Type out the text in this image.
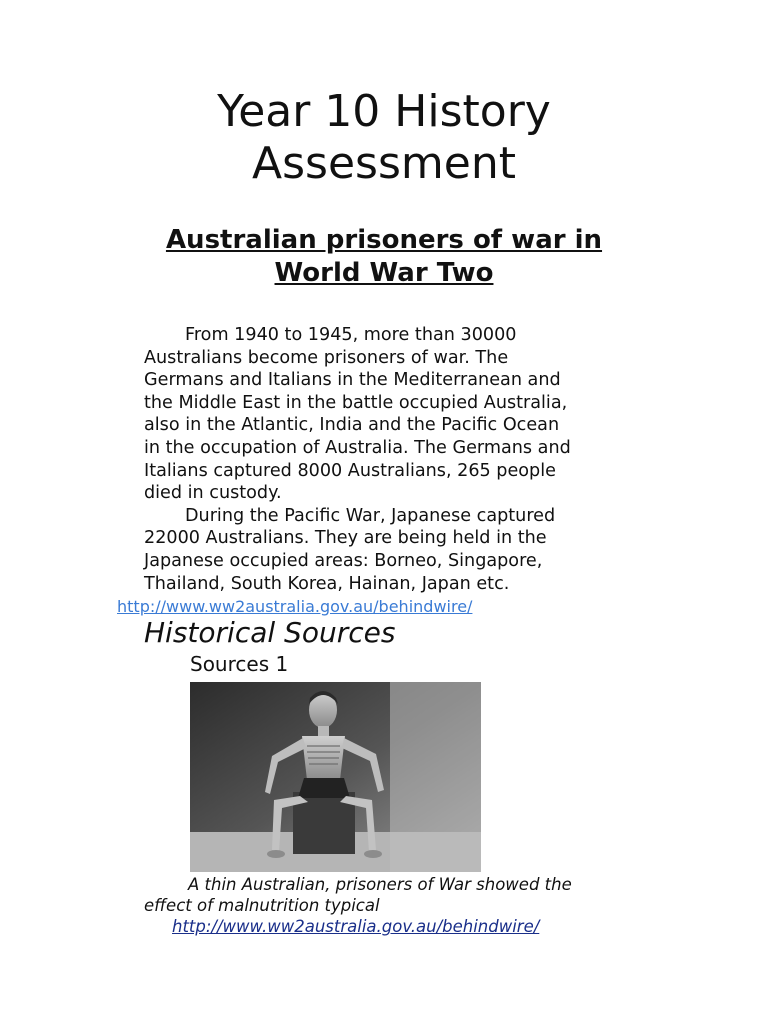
Year 10 History
Assessment
Australian prisoners of war in
World War Two

From 1940 to 1945, more than 30000
Australians become prisoners of war. The
Germans and Italians in the Mediterranean and
the Middle East in the battle occupied Australia,
also in the Atlantic, India and the Pacific Ocean
in the occupation of Australia. The Germans and
Italians captured 8000 Australians, 265 people
died in custody.

During the Pacific War, Japanese captured
22000 Australians. They are being held in the
Japanese occupied areas: Borneo, Singapore,
Thailand, South Korea, Hainan, Japan etc.

http://www.ww2australia.gov.au/behindwire/
Historical Sources
Sources 1

A thin Australian, prisoners of War showed the
effect of malnutrition typical

http://www.ww2australia.gov.au/behindwire/
